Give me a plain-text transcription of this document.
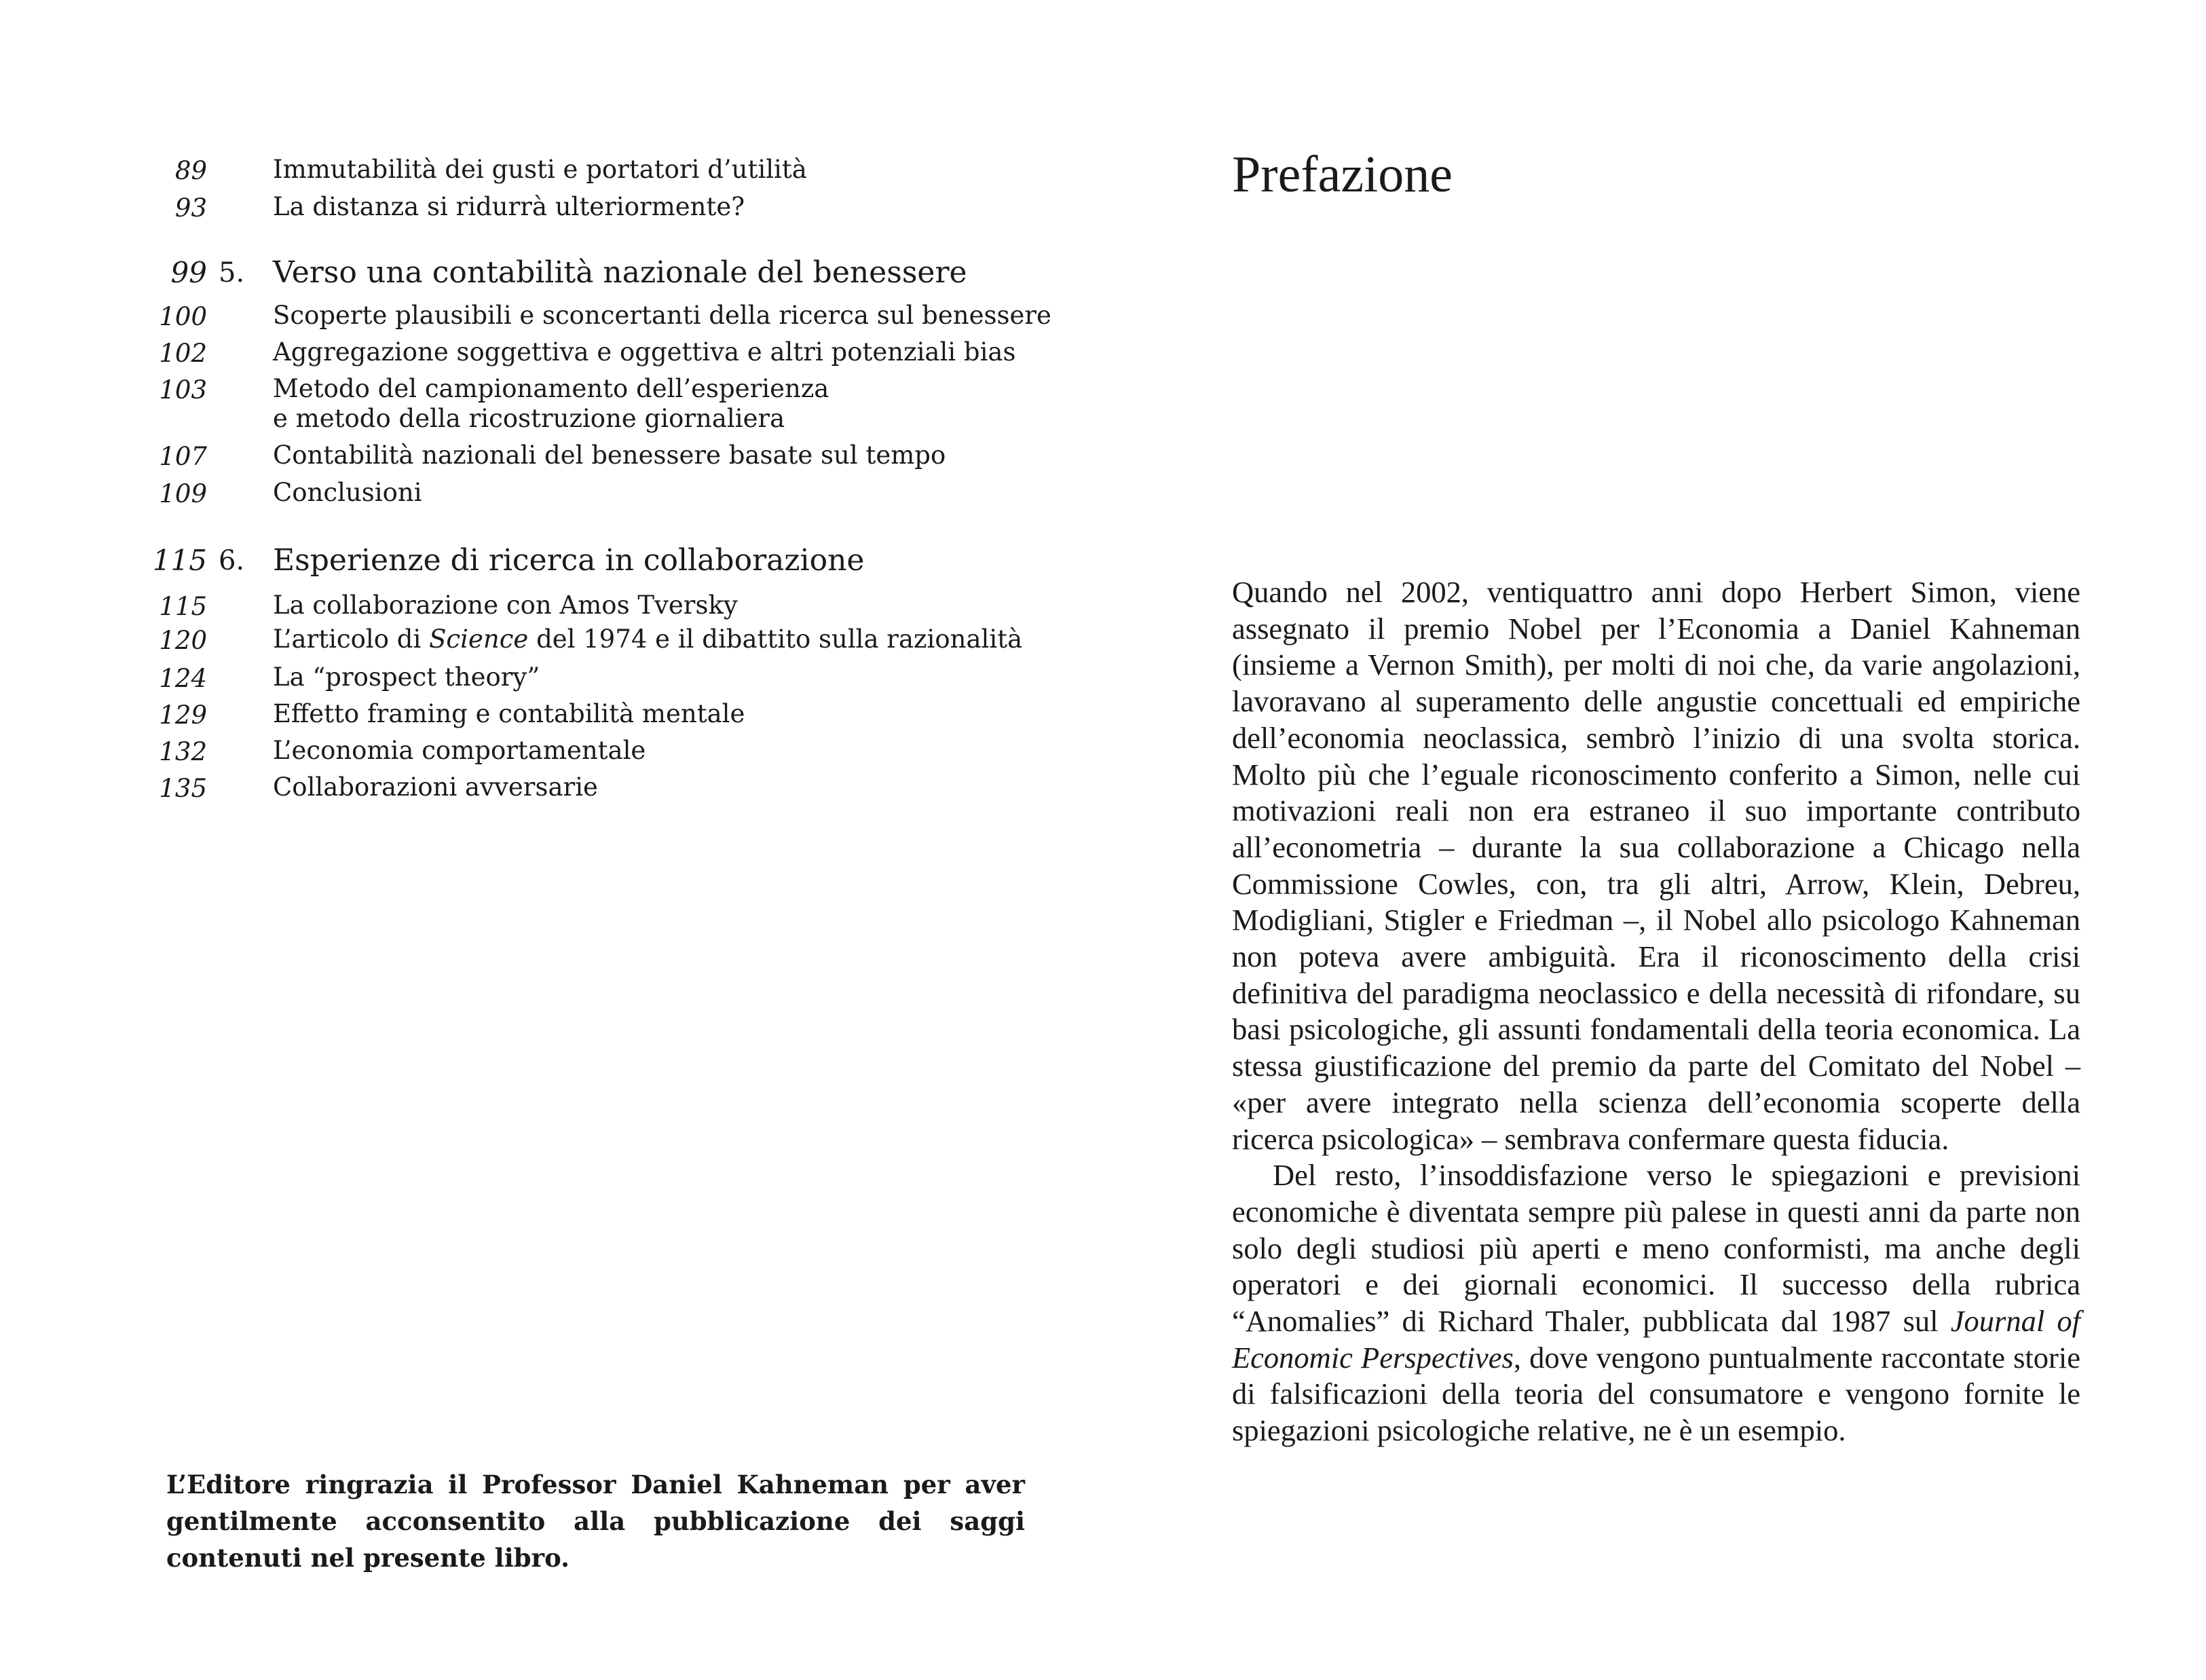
89	Immutabilità dei gusti e portatori d’utilità
93	La distanza si ridurrà ulteriormente?
99 5. Verso una contabilità nazionale del benessere
100	Scoperte plausibili e sconcertanti della ricerca sul benessere
102	Aggregazione soggettiva e oggettiva e altri potenziali bias
103	Metodo del campionamento dell’esperienza
e metodo della ricostruzione giornaliera
107	Contabilità nazionali del benessere basate sul tempo
109	Conclusioni
115 6. Esperienze di ricerca in collaborazione
115	La collaborazione con Amos Tversky
120	L’articolo di Science del 1974 e il dibattito sulla razionalità
124	La “prospect theory”
129	Effetto framing e contabilità mentale
132	L’economia comportamentale
135	Collaborazioni avversarie
L’Editore ringrazia il Professor Daniel Kahneman per aver gentilmente acconsentito alla pubblicazione dei saggi contenuti nel presente libro.
Prefazione

Quando nel 2002, ventiquattro anni dopo Herbert Simon, viene assegnato il premio Nobel per l’Economia a Daniel Kahneman (insieme a Vernon Smith), per molti di noi che, da varie angolazioni, lavoravano al superamento delle angustie concettuali ed empiriche dell’economia neoclassica, sembrò l’inizio di una svolta storica. Molto più che l’eguale riconoscimento conferito a Simon, nelle cui motivazioni reali non era estraneo il suo importante contributo all’econometria – durante la sua collaborazione a Chicago nella Commissione Cowles, con, tra gli altri, Arrow, Klein, Debreu, Modigliani, Stigler e Friedman –, il Nobel allo psicologo Kahneman non poteva avere ambiguità. Era il riconoscimento della crisi definitiva del paradigma neoclassico e della necessità di rifondare, su basi psicologiche, gli assunti fondamentali della teoria economica. La stessa giustificazione del premio da parte del Comitato del Nobel – «per avere integrato nella scienza dell’economia scoperte della ricerca psicologica» – sembrava confermare questa fiducia.

Del resto, l’insoddisfazione verso le spiegazioni e previsioni economiche è diventata sempre più palese in questi anni da parte non solo degli studiosi più aperti e meno conformisti, ma anche degli operatori e dei giornali economici. Il successo della rubrica “Anomalies” di Richard Thaler, pubblicata dal 1987 sul Journal of Economic Perspectives, dove vengono puntualmente raccontate storie di falsificazioni della teoria del consumatore e vengono fornite le spiegazioni psicologiche relative, ne è un esempio.
